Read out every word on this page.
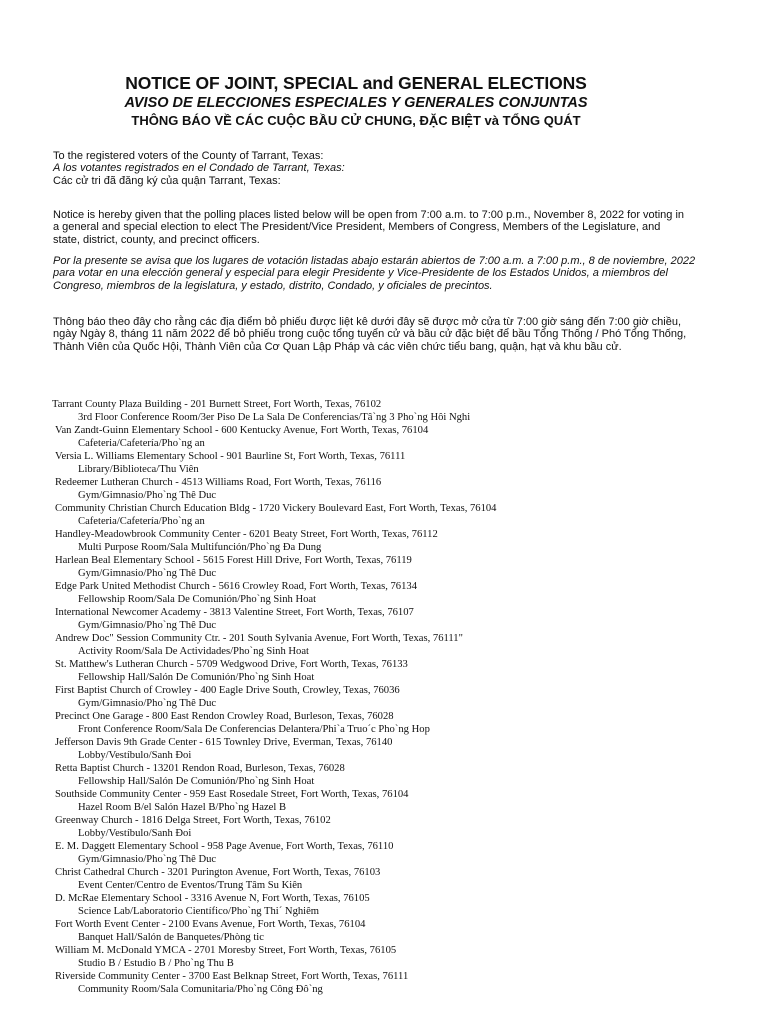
NOTICE OF JOINT, SPECIAL and GENERAL ELECTIONS
AVISO DE ELECCIONES ESPECIALES Y GENERALES CONJUNTAS
THÔNG BÁO VỀ CÁC CUỘC BẦU CỬ CHUNG, ĐẶC BIỆT và TỔNG QUÁT

To the registered voters of the County of Tarrant, Texas:

A los votantes registrados en el Condado de Tarrant, Texas:

Các cử tri đã đăng ký của quận Tarrant, Texas:

Notice is hereby given that the polling places listed below will be open from 7:00 a.m. to 7:00 p.m., November 8, 2022 for voting in a general and special election to elect The President/Vice President, Members of Congress, Members of the Legislature, and state, district, county, and precinct officers.

Por la presente se avisa que los lugares de votación listadas abajo estarán abiertos de 7:00 a.m. a 7:00 p.m., 8 de noviembre, 2022 para votar en una elección general y especial para elegir Presidente y Vice-Presidente de los Estados Unidos, a miembros del Congreso, miembros de la legislatura, y estado, distrito, Condado, y oficiales de precintos.

Thông báo theo đây cho rằng các địa điểm bỏ phiếu được liệt kê dưới đây sẽ được mở cửa từ 7:00 giờ sáng đến 7:00 giờ chiều, ngày Ngày 8, tháng 11 năm 2022 để bỏ phiếu trong cuộc tổng tuyển cử và bầu cử đặc biệt để bầu Tổng Thống / Phó Tổng Thống, Thành Viên của Quốc Hội, Thành Viên của Cơ Quan Lập Pháp và các viên chức tiểu bang, quận, hạt và khu bầu cử.

Tarrant County Plaza Building - 201 Burnett Street, Fort Worth, Texas, 76102
3rd Floor Conference Room/3er Piso De La Sala De Conferencias/Tâ`ng 3 Pho`ng Hôi Nghi
Van Zandt-Guinn Elementary School - 600 Kentucky Avenue, Fort Worth, Texas, 76104
Cafeteria/Cafetería/Pho`ng an
Versia L. Williams Elementary School - 901 Baurline St, Fort Worth, Texas, 76111
Library/Biblioteca/Thu Viên
Redeemer Lutheran Church - 4513 Williams Road, Fort Worth, Texas, 76116
Gym/Gimnasio/Pho`ng Thê Duc
Community Christian Church Education Bldg - 1720 Vickery Boulevard East, Fort Worth, Texas, 76104
Cafeteria/Cafetería/Pho`ng an
Handley-Meadowbrook Community Center - 6201 Beaty Street, Fort Worth, Texas, 76112
Multi Purpose Room/Sala Multifunción/Pho`ng Đa Dung
Harlean Beal Elementary School - 5615 Forest Hill Drive, Fort Worth, Texas, 76119
Gym/Gimnasio/Pho`ng Thê Duc
Edge Park United Methodist Church - 5616 Crowley Road, Fort Worth, Texas, 76134
Fellowship Room/Sala De Comunión/Pho`ng Sinh Hoat
International Newcomer Academy - 3813 Valentine Street, Fort Worth, Texas, 76107
Gym/Gimnasio/Pho`ng Thê Duc
Andrew Doc" Session Community Ctr. - 201 South Sylvania Avenue, Fort Worth, Texas, 76111"
Activity Room/Sala De Actividades/Pho`ng Sinh Hoat
St. Matthew's Lutheran Church - 5709 Wedgwood Drive, Fort Worth, Texas, 76133
Fellowship Hall/Salón De Comunión/Pho`ng Sinh Hoat
First Baptist Church of Crowley - 400 Eagle Drive South, Crowley, Texas, 76036
Gym/Gimnasio/Pho`ng Thê Duc
Precinct One Garage - 800 East Rendon Crowley Road, Burleson, Texas, 76028
Front Conference Room/Sala De Conferencias Delantera/Phi`a Truo´c Pho`ng Hop
Jefferson Davis 9th Grade Center - 615 Townley Drive, Everman, Texas, 76140
Lobby/Vestíbulo/Sanh Đoi
Retta Baptist Church - 13201 Rendon Road, Burleson, Texas, 76028
Fellowship Hall/Salón De Comunión/Pho`ng Sinh Hoat
Southside Community Center - 959 East Rosedale Street, Fort Worth, Texas, 76104
Hazel Room B/el Salón Hazel B/Pho`ng Hazel B
Greenway Church - 1816 Delga Street, Fort Worth, Texas, 76102
Lobby/Vestíbulo/Sanh Đoi
E. M. Daggett Elementary School - 958 Page Avenue, Fort Worth, Texas, 76110
Gym/Gimnasio/Pho`ng Thê Duc
Christ Cathedral Church - 3201 Purington Avenue, Fort Worth, Texas, 76103
Event Center/Centro de Eventos/Trung Tâm Su Kiên
D. McRae Elementary School - 3316 Avenue N, Fort Worth, Texas, 76105
Science Lab/Laboratorio Científico/Pho`ng Thi´ Nghiêm
Fort Worth Event Center - 2100 Evans Avenue, Fort Worth, Texas, 76104
Banquet Hall/Salón de Banquetes/Phòng tic
William M. McDonald YMCA - 2701 Moresby Street, Fort Worth, Texas, 76105
Studio B / Estudio B / Pho`ng Thu B
Riverside Community Center - 3700 East Belknap Street, Fort Worth, Texas, 76111
Community Room/Sala Comunitaria/Pho`ng Công Đô`ng
